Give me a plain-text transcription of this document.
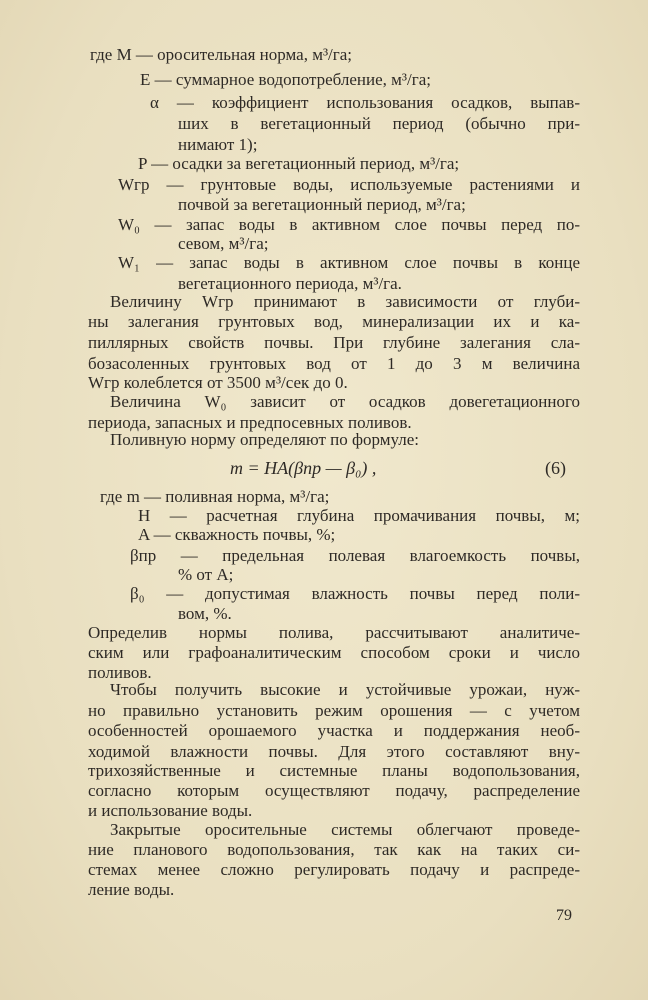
где M — оросительная норма, м³/га;
E — суммарное водопотребление, м³/га;
α — коэффициент использования осадков, выпав-
ших в вегетационный период (обычно при-
нимают 1);
P — осадки за вегетационный период, м³/га;
Wгр — грунтовые воды, используемые растениями и
почвой за вегетационный период, м³/га;
W₀ — запас воды в активном слое почвы перед по-
севом, м³/га;
W₁ — запас воды в активном слое почвы в конце
вегетационного периода, м³/га.
Величину Wгр принимают в зависимости от глуби-
ны залегания грунтовых вод, минерализации их и ка-
пиллярных свойств почвы. При глубине залегания сла-
бозасоленных грунтовых вод от 1 до 3 м величина
Wгр колеблется от 3500 м³/сек до 0.
Величина W₀ зависит от осадков довегетационного
периода, запасных и предпосевных поливов.
Поливную норму определяют по формуле:
где m — поливная норма, м³/га;
H — расчетная глубина промачивания почвы, м;
A — скважность почвы, %;
βпр — предельная полевая влагоемкость почвы,
% от A;
β₀ — допустимая влажность почвы перед поли-
вом, %.
Определив нормы полива, рассчитывают аналитиче-
ским или графоаналитическим способом сроки и число
поливов.
Чтобы получить высокие и устойчивые урожаи, нуж-
но правильно установить режим орошения — с учетом
особенностей орошаемого участка и поддержания необ-
ходимой влажности почвы. Для этого составляют вну-
трихозяйственные и системные планы водопользования,
согласно которым осуществляют подачу, распределение
и использование воды.
Закрытые оросительные системы облегчают проведе-
ние планового водопользования, так как на таких си-
стемах менее сложно регулировать подачу и распреде-
ление воды.
m = HA(βпр — β₀) ,	(6)
79
